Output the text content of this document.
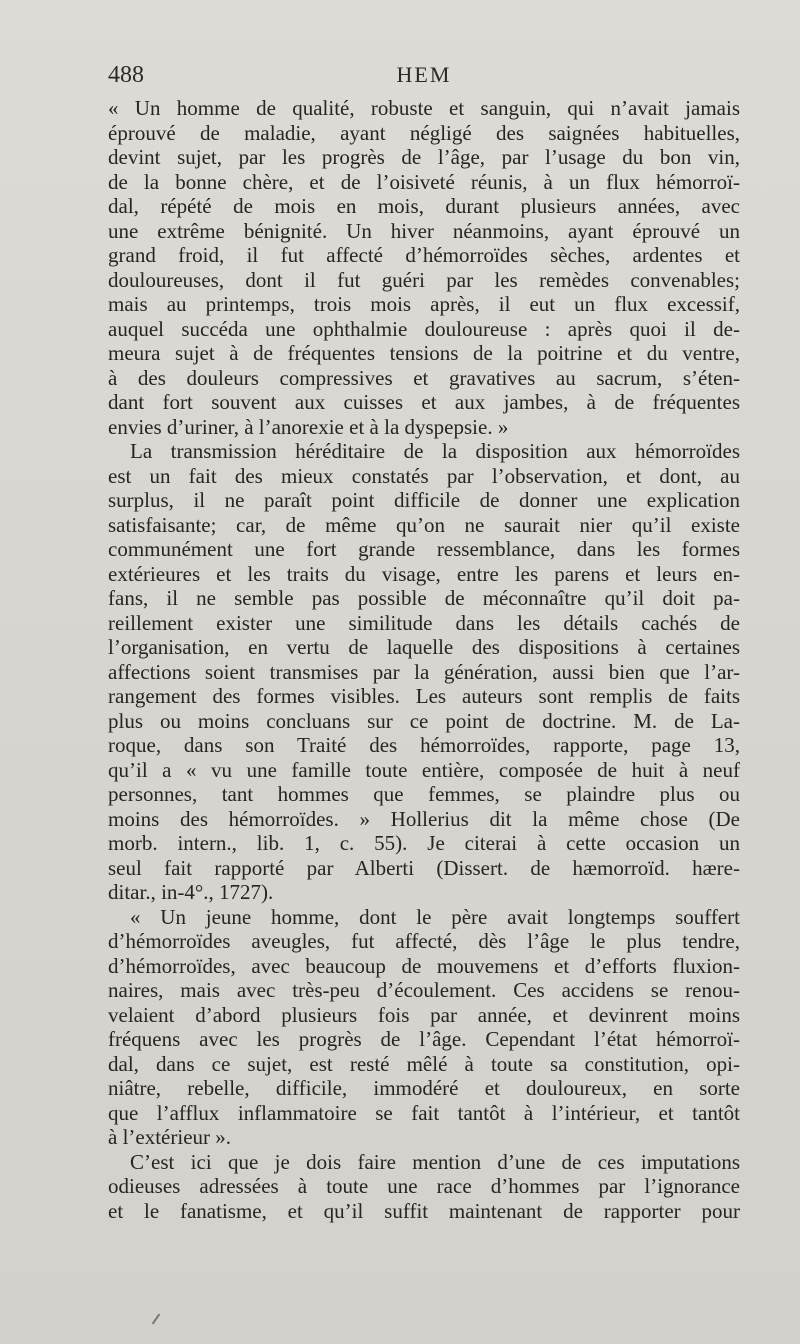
488	HEM
« Un homme de qualité, robuste et sanguin, qui n’avait jamais
éprouvé de maladie, ayant négligé des saignées habituelles,
devint sujet, par les progrès de l’âge, par l’usage du bon vin,
de la bonne chère, et de l’oisiveté réunis, à un flux hémorroï-
dal, répété de mois en mois, durant plusieurs années, avec
une extrême bénignité. Un hiver néanmoins, ayant éprouvé un
grand froid, il fut affecté d’hémorroïdes sèches, ardentes et
douloureuses, dont il fut guéri par les remèdes convenables;
mais au printemps, trois mois après, il eut un flux excessif,
auquel succéda une ophthalmie douloureuse : après quoi il de-
meura sujet à de fréquentes tensions de la poitrine et du ventre,
à des douleurs compressives et gravatives au sacrum, s’éten-
dant fort souvent aux cuisses et aux jambes, à de fréquentes
envies d’uriner, à l’anorexie et à la dyspepsie. »
La transmission héréditaire de la disposition aux hémorroïdes
est un fait des mieux constatés par l’observation, et dont, au
surplus, il ne paraît point difficile de donner une explication
satisfaisante; car, de même qu’on ne saurait nier qu’il existe
communément une fort grande ressemblance, dans les formes
extérieures et les traits du visage, entre les parens et leurs en-
fans, il ne semble pas possible de méconnaître qu’il doit pa-
reillement exister une similitude dans les détails cachés de
l’organisation, en vertu de laquelle des dispositions à certaines
affections soient transmises par la génération, aussi bien que l’ar-
rangement des formes visibles. Les auteurs sont remplis de faits
plus ou moins concluans sur ce point de doctrine. M. de La-
roque, dans son Traité des hémorroïdes, rapporte, page 13,
qu’il a « vu une famille toute entière, composée de huit à neuf
personnes, tant hommes que femmes, se plaindre plus ou
moins des hémorroïdes. » Hollerius dit la même chose (De
morb. intern., lib. 1, c. 55). Je citerai à cette occasion un
seul fait rapporté par Alberti (Dissert. de hæmorroïd. hære-
ditar., in-4°., 1727).
« Un jeune homme, dont le père avait longtemps souffert
d’hémorroïdes aveugles, fut affecté, dès l’âge le plus tendre,
d’hémorroïdes, avec beaucoup de mouvemens et d’efforts fluxion-
naires, mais avec très-peu d’écoulement. Ces accidens se renou-
velaient d’abord plusieurs fois par année, et devinrent moins
fréquens avec les progrès de l’âge. Cependant l’état hémorroï-
dal, dans ce sujet, est resté mêlé à toute sa constitution, opi-
niâtre, rebelle, difficile, immodéré et douloureux, en sorte
que l’afflux inflammatoire se fait tantôt à l’intérieur, et tantôt
à l’extérieur ».
C’est ici que je dois faire mention d’une de ces imputations
odieuses adressées à toute une race d’hommes par l’ignorance
et le fanatisme, et qu’il suffit maintenant de rapporter pour
